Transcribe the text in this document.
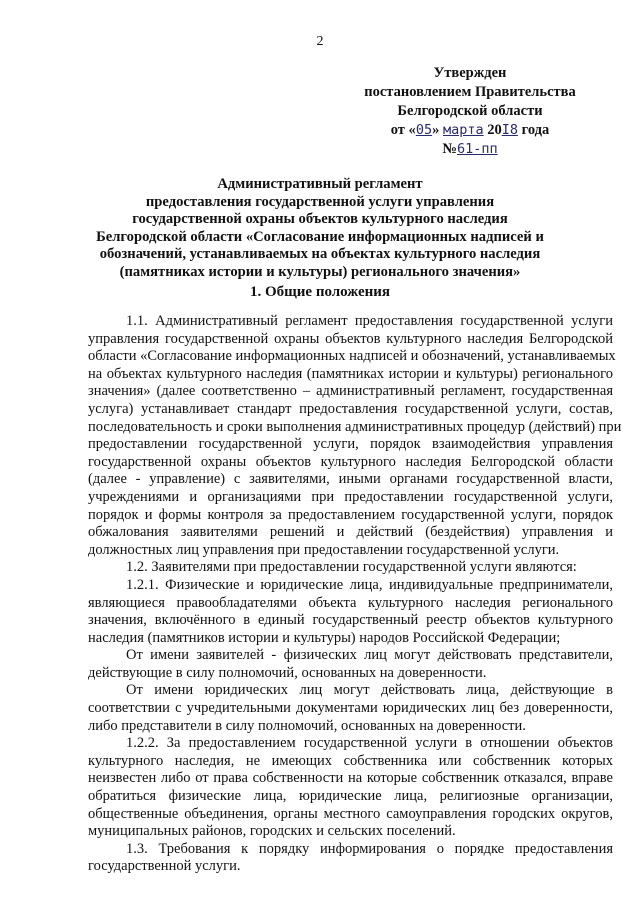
2
Утвержден
постановлением Правительства
Белгородской области
от «05» марта 20I8 года
№61-пп
Административный регламент
предоставления государственной услуги управления
государственной охраны объектов культурного наследия
Белгородской области «Согласование информационных надписей и
обозначений, устанавливаемых на объектах культурного наследия
(памятниках истории и культуры) регионального значения»
1. Общие положения
1.1. Административный регламент предоставления государственной услуги
управления государственной охраны объектов культурного наследия Белгородской
области «Согласование информационных надписей и обозначений, устанавливаемых
на объектах культурного наследия (памятниках истории и культуры) регионального
значения» (далее соответственно – административный регламент, государственная
услуга) устанавливает стандарт предоставления государственной услуги, состав,
последовательность и сроки выполнения административных процедур (действий) при
предоставлении государственной услуги, порядок взаимодействия управления
государственной охраны объектов культурного наследия Белгородской области
(далее - управление) с заявителями, иными органами государственной власти,
учреждениями и организациями при предоставлении государственной услуги,
порядок и формы контроля за предоставлением государственной услуги, порядок
обжалования заявителями решений и действий (бездействия) управления и
должностных лиц управления при предоставлении государственной услуги.
1.2. Заявителями при предоставлении государственной услуги являются:
1.2.1. Физические и юридические лица, индивидуальные предприниматели,
являющиеся правообладателями объекта культурного наследия регионального
значения, включённого в единый государственный реестр объектов культурного
наследия (памятников истории и культуры) народов Российской Федерации;
От имени заявителей - физических лиц могут действовать представители,
действующие в силу полномочий, основанных на доверенности.
От имени юридических лиц могут действовать лица, действующие в
соответствии с учредительными документами юридических лиц без доверенности,
либо представители в силу полномочий, основанных на доверенности.
1.2.2. За предоставлением государственной услуги в отношении объектов
культурного наследия, не имеющих собственника или собственник которых
неизвестен либо от права собственности на которые собственник отказался, вправе
обратиться физические лица, юридические лица, религиозные организации,
общественные объединения, органы местного самоуправления городских округов,
муниципальных районов, городских и сельских поселений.
1.3. Требования к порядку информирования о порядке предоставления
государственной услуги.
